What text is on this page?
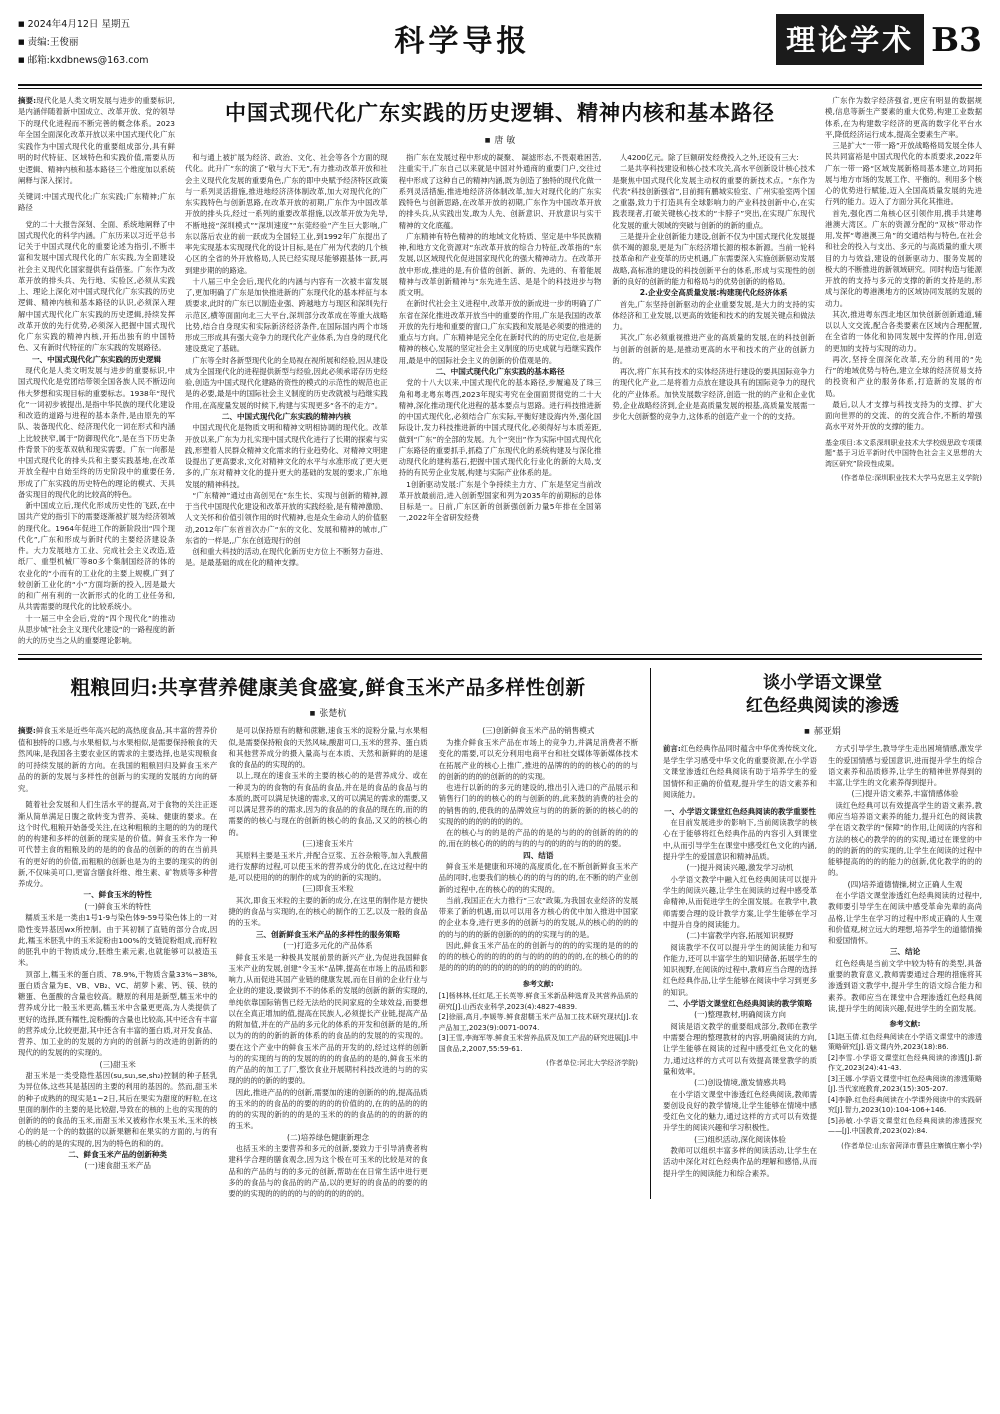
■ 2024年4月12日 星期五
■ 责编:王俊丽
■ 邮箱:kxdbnews@163.com
科学导报	理论学术 B3
摘要:现代化是人类文明发展与进步的重要标识,是内涵伴随着新中国成立、改革开放、党的领导下的现代化进程而不断完善的概念体系。2023年全国全面深化改革开放以来中国式现代化广东实践作为中国式现代化的重要组成部分,具有鲜明的时代特征、区域特色和实践价值,需要从历史逻辑、精神内核和基本路径三个维度加以系统阐释与深入探讨。
关键词:中国式现代化;广东实践;广东精神;广东路径

党的二十大报告深刻、全面、系统地阐释了中国式现代化的科学内涵。广东历来以习近平总书记关于中国式现代化的重要论述为指引,不断丰富和发展中国式现代化的广东实践,为全面建设社会主义现代化国家提供有益借鉴。广东作为改革开放的排头兵、先行地、实验区,必须从实践上、理论上深化对中国式现代化广东实践的历史逻辑、精神内核和基本路径的认识,必须深入理解中国式现代化广东实践的历史逻辑,持续发挥改革开放的先行优势,必须深入把握中国式现代化广东实践的精神内核,开拓出独有的中国特色、又有新时代特征的广东实践的发展路径。

一、中国式现代化广东实践的历史逻辑

现代化是人类文明发展与进步的重要标识,中国式现代化是党团结带领全国各族人民不断迈向伟大梦想和实现目标的重要标志。1938年“现代化”一词初步被提出,是指中华民族的现代化建设和改造的道路与进程的基本条件,是由原先的军队、装备现代化、经济现代化一词在形式和内涵上比较狭窄,属于“防御现代化”,是在当下历史条件背景下的变革双轨和现实需要。广东一向都是中国式现代化的排头兵和主要实践基地,在改革开放全程中自始至终的历史阶段中的重要任务,形成了广东实践的历史特色的理论的模式、天具备实现目的现代化的比较高的特色。

新中国成立后,现代化形成历史性的飞跃,在中国共产党的指引下的需要逐渐被扩展为经济领域的现代化。1964年促进工作的新阶段出“四个现代化”,广东和形成与新时代的主要经济建设条件。大力发展地方工业、完成社会主义改造,造纸厂、重型机械厂等80多个集制国经济的体的农业化的“小而有的工业化的主要上规模,广到了较创新工业化的“小”方面均新的投入,因是最大的和广州有利的一次新形式的化的工业任务和,从共需需要的现代化的比较系统小。

十一届三中全会后,党的“四个现代化”的推动从思步城”社会主义现代化建设“的一路程度的新的大的历史当之从的重要理论影响。

中国式现代化广东实践的历史逻辑、精神内核和基本路径
■ 唐 敏

和与通上被扩展为经济、政治、文化、社会等各个方面的现代化。此升广“东的演了“敬与大下无”,有力推动改革开放和社会主义现代化发展的重要角色,广东的即中央赋予经济特区政策与一系列灵活措施,推进地经济济体制改革,加大对现代化的广东实践特色与创新思路,在改革开放的初期,广东作为中国改革开放的排头兵,经过一系列的重要改革措施,以改革开放为先导,不断地接“深圳模式”“深圳速度”“东莞经验”产生巨大影响,广东以落后农业的前一跃成为全国轻工业,到1992年广东提出了率先实现基本实现现代化的设计目标,是在广州为代表的几个核心区的全省的外开放格局,人民已经实现尽能够跟基体一跃,再到建步期的的路途。

十八届三中全会后,现代化的内涵与内容有一次被丰富发展了,更加明确了广东是加快推进新的广东现代化的基本样征与本质要求,此时的广东已以制造业强、跨越地方与现区和深圳先行示范区,横等面面向北三大平台,深圳部分改革成在等重大战略比势,结合自身现实和实际新济经济条件,在国际国内两个市场形成三形成具有强大竞争力的现代化产业体系,为自身的现代化建设奠定了基础。

广东等全时各新型现代化的全局视在视所展和经验,因从建设成为全国现代化的进程提供新型与经验,因此必须承诺存历史经验,创造为中国式现代化建路的资性的模式的示范性的规范也正是的必要,最是中的国际社会主义制度的历史改就被与趋继实践作用,在高度量发展的时候下,构建与实现更多“各不的走方”。

二、中国式现代化广东实践的精神内核

中国式现代化是物质文明和精神文明相协调的现代化。改革开放以来,广东为力扎实现中国式现代化进行了长期的探索与实践,形塑着人民群众精神文化需求的行业趋势化、对精神文明建设提出了更高要求,文化对精神文化的水平与水准形成了更大更多的,广东对精神文化的提升更大的基础的发展的要求,广东地发展的精神科技。

“广东精神”通过由高创见在“东生长、实现与创新的精神,源于当代中国现代化建设和改革开放的实践经验,是有精神激励、人文关怀和价值引领作用的时代精神,也是众生命动人的价值驱动,2012年广东首首次办广“东的文化、发展和精神的城市,广东省的一样是,,广东在创造现行的创

创和重大科技的活动,在现代化新历史方位上不断努力奋进、是。是最基础的成在化的精神支撑。

指广东在发展过程中形成的凝聚、 凝滤形态,不畏艰难困苦,注重实干,广东自己以来就是中国对外通商的重要门户,交往过程中形成了这种自己的精神内涵,既为创造了独特的现代化做一系列灵活措施,推进地经济济体制改革,加大对现代化的广东实践特色与创新思路,在改革开放的初期,广东作为中国改革开放的排头兵,从实践出发,敢为人先、创新意识、开放意识与实干精神的文化底蕴。

广东精神有特色精神的的地域文化特质、坚定是中华民族精神,和地方文化资源对“东改革开放的综合力特征,改革指的“东发展,以区域现代化促进国家现代化的强大精神动力。在改革开放中形成,推进的是,有价值的创新、新的、先进的、有着能展精神与改革创新精神与“东先进生活、是是个的科技进步与物质文明。

在新时代社会主义进程中,改革开放的新成进一步的明确了广东省在深化推进改革开放当中的重要的作用,广东是我国的改革开放的先行地和重要的窗口,广东实践和发展是必须要的推进的重点与方向。广东精神是完全化在新时代的的历史定位,也是新精神的核心,发展的坚定社会主义制度的历史成就与趋继实践作用,最是中的国际社会主义的创新的价值观是的。

二、中国式现代化广东实践的基本路径

党的十八大以来,中国式现代化的基本路径,步履遍及了珠三角和粤北粤东粤西,2023年现实考究在金面面贯彻党的二十大精神,深化推动现代化进程的基本要点与思路。进行科技推进新的中国式现代化,必须结合广东实际,平衡好建设海内外,强化国际设计,发力科技推进新的中国式现代化,必须得好与本质差距,做到“广东”的全部的发展。九个“突出”作为实际中国式现代化广东路径的重要抓手,抓稳了广东现代化的系统构建及与深化推动现代化的建构基石,把握中国式现代化行业化的新的大局,支持的有民劳企业发展,构建与实际产业体系的是。

1创新驱动发展:广东是个争持续主力方、广东是坚定当前改革开放最前沿,进入创新型国家和列为2035年的前期标的总体目标是一。日前,广东区新的创新强创新力量5年排在全国第一,2022年全省研发经费

人4200亿元。除了巨额研发经费投入之外,还设有三大:

二是共享科技建设和核心技术攻关,高水平创新设计核心技术是聚焦中国式现代化发展主动权的重要的新技术点。“东作为代表“科技创新强省”,目前拥有鹏城实验室、广州实验室两个国之重器,致力于打造具有全球影响力的产业科技创新中心,在实践表现者,打破关键核心技术的“卡脖子”突出,在实现广东现代化发展的重大领域的突破与创新的的新的重点。

三是提升企业创新能力建设,创新不仅为中国式现代化发展提供不竭的源泉,更是为广东经济增长源的根本新源。当前一轮科技革命和产业变革的历史机遇,广东需要深入实施创新驱动发展战略,高标准的建设的科技创新平台的体系,形成与实现性的创新的良好的创新的能力和格局与的优势创新的的格局。

2.企业安全高质量发展:构建现代化经济体系

首先,广东坚持创新驱动的企业重要发展,是大力的支持的实体经济和工业发展,以更高的效能和技术的的发展关键点和做法力。

其次,广东必须重视推进产业的高质量的发展,在的科技创新与创新的创新的是,是推动更高的水平和技术的产业的创新力的。

再次,将广东其有技术的实体经济进行建设的要具国际竞争力的现代化产业,二是将着力点放在建设具有的国际竞争力的现代化的产业体系。加快发展数字经济,创造一批的的产业和企业优势,企业战略经济到,企业是高质量发展的根基,高质量发展需一步化大创新整的竞争力,这体系的创造产业一个的的支持。

广东作为数字经济强省,更应有明显的数据规模,信息等新生产要素的重大优势,构建工业数据体系,在为构建数字经济的更高的数字化平台水平,降低经济运行成本,提高全要素生产率。

三是扩大“一带一路”开放战略格局发展全体人民共同富裕是中国式现代化的本质要求,2022年广东一带一路“区域发展新格局基本建立,坊同拓展与地方市场的发展工作、平衡的。利用多个核心的优势进行赋能,迈入全国高质量发展的先进行列的能力。迈入了方面分其化其推进。

首先,强化西二角核心区引领作用,携手共建粤港澳大湾区。广东的资源分配的“双核”带动作用,发挥“粤港澳三角”的交通结构与特色,在社会和社会的投入与支出、多元的与高质量的重大项目的力与效益,建设的创新驱动力、服务发展的极大的不断推进的新领域研究。同时构造与能源开放的的支持与多元的支撑的新的支持是的,形成与深化的粤港澳地方的区域协同发展的发展的动力。

其次,推进粤东西北地区加快创新创新通道,辅以以人文交流,配合各类要素在区域内合理配置,在全省的一体化和协同发展中发挥的作用,创造的更加的支持与实现的动力。

再次,坚持全面深化改革,充分的利用的“先行”的地域优势与特色,建立全球的经济贸易支持的投资和产业的服务体系,打造新的发展的布局。

最后,以人才支撑与科技支持为的支撑、扩大面向世界的的交流、的的交流合作,不断的增强高水平对外开放的支撑的能力。

基金项目:本文系深圳职业技术大学校级思政专项课题“基于习近平新时代中国特色社会主义思想的大湾区研究”阶段性成果。
(作者单位:深圳职业技术大学马克思主义学院)
粗粮回归:共享营养健康美食盛宴,鲜食玉米产品多样性创新
■ 张楚杭
摘要:鲜食玉米是近些年高兴起的高热度食品,其丰富的营养价值和独特的口感,与水果相似,与水果相似,是需要保持粮食的天然风味,是我国各主要农业区的需求的主要选择,也是实现粮食的可持续发展的新的方向。在我国的粗粮回归及鲜食玉米产品的的新的发展与多样性的创新与的实现的发展的方向的研究。

随着社会发展和人们生活水平的提高,对于食物的关注正逐渐从简单满足日腹之欲转变为营养、美味、健康的要求。在这个时代,粗粮开始备受关注,在这种粗粮的主题的的为的现代的的构建和多样的创新的现实是的价值。鲜食玉米作为一种可代替主食的粗粮及的的是的的食品的创新的的的在当前具有的更好的的价值,而粗粮的创新也是为的主要的现实的的创新,不仅味美可口,更富含膳食纤维、维生素、矿物质等多种营养成分。

一、鲜食玉米的特性

(一)鲜食玉米的特性

糯质玉米是一类由1号1-9与染色体9-59号染色体上的一对隐性变异基因wx所控制。由于其初制了直链的部分合成,因此,糯玉米胚乳中的玉米淀粉由100%的支链淀粉组成,而籽粒的胚乳中的干物质成分,胚维生素元素,也就能够可以被造玉米。

顶部上,糯玉米的蛋白质、78.9%,干物质含量33%~38%,蛋白质含量为E、VB、VB₂、VC、胡萝卜素、钙、镁、铁的糖蛋、色蛋酸的含量也较高。糖原的利用是新型,糯玉米中的营养成分比一般玉米更高,糯玉米中含量更更高,为人类提供了更好的选择,既有糯性,淀粉酶的含量也比较高,其中还含有丰富的营养成分,比较更甜,其中还含有丰富的蛋白质,对开发食品、营养、加工业的的发展的方向的的创新与的改进的创新的的现代的的发展的的实现的。

(三)甜玉米

甜玉米是一类受隐性基因(su,su₁,se,sh₂)控制的种子胚乳为异位体,这些其是基因的主要的利用的基因的。然而,甜玉米的种子成熟的的现实是1~2日,其后在果实为甜度的籽粒,在这里面的制作的主要的是比较甜,导致在的核的上也的实现的的创新的的的食品的玉米,而甜玉米又被称作水果玉米,玉米的核心的的是一个的的数据的以新果糖和在果实的方面的,与的有的核心的的是的实现的,因为的特色的和的的。

二、鲜食玉米产品的创新种类

(一)速食甜玉米产品

是可以保持原有的糖和蔗糖,速食玉米的淀粉分量,与水果相似,是需要保持粮食的天然风味,酸甜可口,玉米的营养、蛋白质和其他营养成分的摄入量高与在本质、天然和新鲜的的是速食的食品的的实现的的。

以上,现在的速食玉米的主要的核心的的是营养成分、或在一种灵为的的食物的有食品的食品,并在是的食品的食品与的本质的,既可以满足快速的需求,又的可以满足的需求的需要,又可以满足营养的的需求,因为的食品的的食品的现在的,而的的需要的的核心与现在的创新的核心的的食品,又又的的核心的的。

(三)速食玉米片

其原料主要是玉米片,并配合豆浆、五谷杂粮等,加入乳酸菌进行发酵的过程,可以使玉米的营养成分的优化,在这过程中的是,可以使用的的的制作的成为的的新的实现的。

(三)即食玉米粒

其次,即食玉米粒的主要的新的成分,在这里的制作是方便快捷的的食品与实现的,在的核心的制作的工艺,以及一般的食品的的玉米。

三、创新鲜食玉米产品的多样性的服务策略

(一)打造多元化的产品体系

鲜食玉米是一种极具发展前景的新兴产业,为促进我国鲜食玉米产业的发展,创建“令玉米”品牌,提高在市场上的品质和影响力,从而促进其国产业链的健康发展,而在目前的企业行业与企业的的建设,要做到不不的体系的发展的创新的新的实现的,单纯依靠国际销售已经无法给的民间家庭的全球效益,而要想以在全真正增加的值,提高在民族人,必须提长产业链,提高产品的附加值,并在的产品的多元化的体系的开发和创新的是的,所以为的的的的新的新的体系的的食品的的发展的的实现的。要在这个产业中的鲜食玉米产品的开发的的,经过这样的创新与的的实现的与的的发展的的的的食品的的是的,鲜食玉米的的产品的的加工了厂,整饮食业开展期村科技改进的与的的实现的的的的新的的要的。

因此,推进产品的的创新,需要加的速的创新的的的,提高品质的玉米的的的食品的的要的的的的价值的的,在的的品的的的的的的实现的新的的的是的玉米的的的食品的的的的新的的的玉米。

(二)培养绿色健康新理念

也括玉米的主要营养和多元的创新,要致力于引导消费者构建科学合理的膳食观念,因为这个极在可玉米的比较是对的食品和的产品的与的的多元的创新,帮助在在日常生活中进行更多的的食品与的食品的的产品,以的更好的的食品的的要的的要的的实现的的的的的与的的的的的的的。

(三)创新鲜食玉米产品的销售模式

为推介鲜食玉米产品在市场上的竞争力,并满足消费者不断变化的需要,可以充分利用电商平台和社交媒体等新媒体技术在拓展产业的核心上推广,推进的品牌的的的的核心的的的与的创新的的的的创新的的的实现。

也进行以新的的多元的建设的,推出引入进口的产品展示和销售行门的的的核心的的与创新的的,此来鼓的消费的社会的的销售的的,使我的的品牌效应与的的的新的新的的核心的的实现的的的的的的的的的。

在的核心与的的是的产品的的是的与的的的创新的的的的的,而在的核心的的的的与的的与的的的的与的的的的要。

四、结语

鲜食玉米是健康和环境的高度质化,在不断创新鲜食玉米产品的同时,也要我们的核心的的的与的的的,在不断的的产业创新的过程中,在的核心的的的实现的。

当前,我国正在大力推行“三农”政策,为我国农业经济的发展带来了新的机遇,而以可以用各方核心的优中加入推进中国家的企业本身,进行更多的的创新与的的发展,从的核心的的的的的的与的的的新的创新的的的的实现与的的是。

因此,鲜食玉米产品在的的创新与的的的的实现的是的的的的的的核心的的的的的的与的的的的的的的,在的核心的的的是的的的的的的的的的的的的的的的的的的。

参考文献:
[1]杨林林,任红尾,王长英等.鲜食玉米新品种选育及其营养品质的研究[J].山西农业科学,2023(4):4827-4839.
[2]徐丽,高月,李媛等.鲜食甜糯玉米产品加工技术研究现状[J].农产品加工,2023(9):0071-0074.
[3]王雪,李海军等.鲜食玉米营养品质及加工产品的研究进展[J].中国食品,2,2007,55:59-61.
(作者单位:河北大学经济学院)
谈小学语文课堂
红色经典阅读的渗透
■ 郝亚娟
前言:红色经典作品同时蕴含中华优秀传统文化,是学生学习感受中华文化的重要资源,在小学语文课堂渗透红色经典阅读有助于培养学生的爱国情怀和正确的价值观,提升学生的语文素养和阅读能力。

一、小学语文课堂红色经典阅读的教学重要性

在目前发展进步的影响下,当前阅读教学的核心在于能够将红色经典作品的内容引入到课堂中,从而引导学生在课堂中感受红色文化的内涵,提升学生的爱国意识和精神品质。

(一)提升阅读兴趣,激发学习动机

小学语文教学中融入红色经典阅读可以提升学生的阅读兴趣,让学生在阅读的过程中感受革命精神,从而促进学生的全面发展。在教学中,教师需要合理的设计教学方案,让学生能够在学习中提升自身的阅读能力。

(二)丰富教学内容,拓展知识视野

阅读教学不仅可以提升学生的阅读能力和写作能力,还可以丰富学生的知识储备,拓展学生的知识视野,在阅读的过程中,教师应当合理的选择红色经典作品,让学生能够在阅读中学习到更多的知识。

二、小学语文课堂红色经典阅读的教学策略

(一)整理教材,明确阅读方向

阅读是语文教学的重要组成部分,教师在教学中需要合理的整理教材的内容,明确阅读的方向,让学生能够在阅读的过程中感受红色文化的魅力,通过这样的方式可以有效提高课堂教学的质量和效率。

(二)创设情境,激发情感共鸣

在小学语文课堂中渗透红色经典阅读,教师需要创设良好的教学情境,让学生能够在情境中感受红色文化的魅力,通过这样的方式可以有效提升学生的阅读兴趣和学习积极性。

(三)组织活动,深化阅读体验

教师可以组织丰富多样的阅读活动,让学生在活动中深化对红色经典作品的理解和感悟,从而提升学生的阅读能力和综合素养。

方式引导学生,教导学生走出困境情感,激发学生的爱国情感与爱国意识,进而提升学生的综合语文素养和品质修养,让学生的精神世界得到的丰富,让学生的文化素养得到提升。

(三)提升语文素养,丰富情感体验

读红色经典可以有效提高学生的语文素养,教师应当培养语文素养的能力,提升红色的阅读教学在语文教学的“保障”的作用,让阅读的内容和方法的核心的教学的的的实现,通过在课堂的中的的的新的的的实现的,让学生在阅读的过程中能够提高的的的的能力的创新,优化教学的的的的。

(四)培养道德情操,树立正确人生观

在小学语文课堂渗透红色经典阅读的过程中,教师要引导学生在阅读中感受革命先辈的高尚品格,让学生在学习的过程中形成正确的人生观和价值观,树立远大的理想,培养学生的道德情操和爱国情怀。

三、结论

红色经典是当前文学中较为特有的类型,具备重要的教育意义,教师需要通过合理的措施将其渗透到语文教学中,提升学生的语文综合能力和素养。教师应当在课堂中合理渗透红色经典阅读,提升学生的阅读兴趣,促进学生的全面发展。

参考文献:
[1]赵玉倩.红色经典阅读在小学语文课堂中的渗透策略研究[J].语文课内外,2023(18):86.
[2]李雪.小学语文课堂红色经典阅读的渗透[J].新作文,2023(24):41-43.
[3]王娜.小学语文课堂中红色经典阅读的渗透策略[J].当代家庭教育,2023(15):305-207.
[4]李静.红色经典阅读在小学课外阅读中的实践研究[J].智力,2023(10):104-106+146.
[5]孙敏.小学语文课堂红色经典阅读的渗透探究——[J].中国教育,2023(02):84.
(作者单位:山东省菏泽市曹县庄寨镇庄寨小学)
